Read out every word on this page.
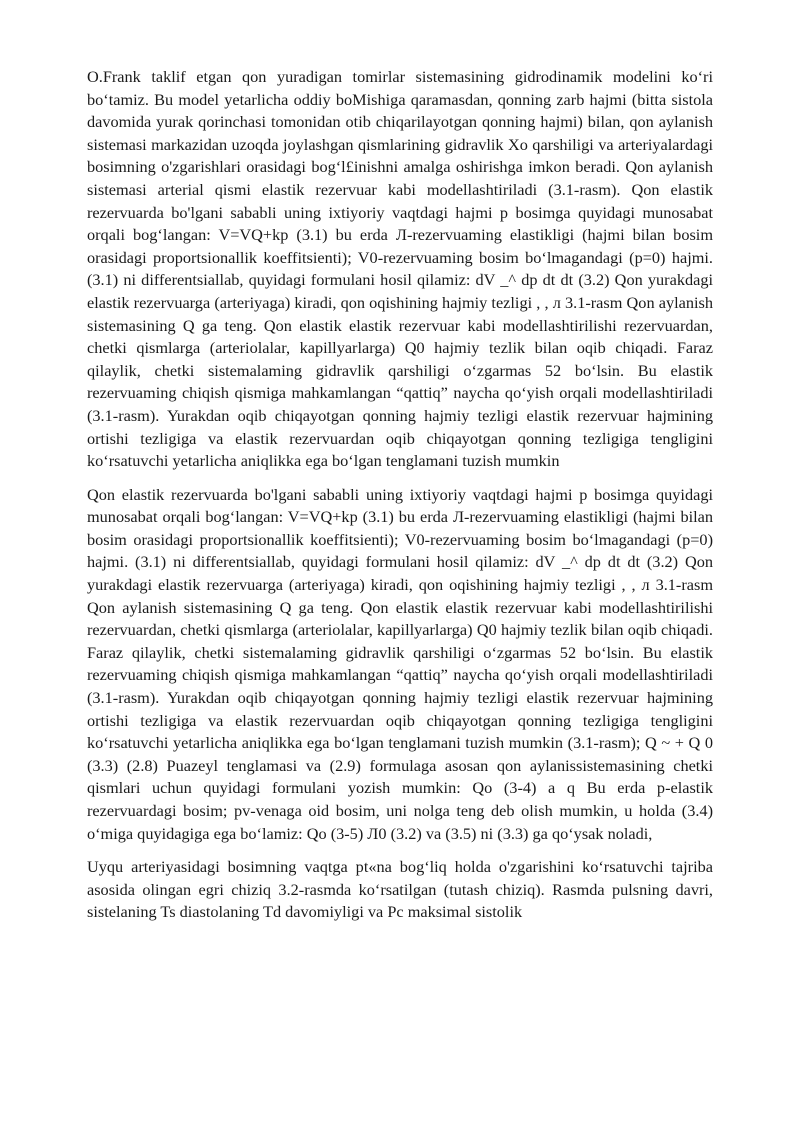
O.Frank taklif etgan qon yuradigan tomirlar sistemasining gidrodinamik modelini koʻri boʻtamiz. Bu model yetarlicha oddiy boMishiga qaramasdan, qonning zarb hajmi (bitta sistola davomida yurak qorinchasi tomonidan otib chiqarilayotgan qonning hajmi) bilan, qon aylanish sistemasi markazidan uzoqda joylashgan qismlarining gidravlik Xo qarshiligi va arteriyalardagi bosimning o'zgarishlari orasidagi bogʻl£inishni amalga oshirishga imkon beradi. Qon aylanish sistemasi arterial qismi elastik rezervuar kabi modellashtiriladi (3.1-rasm). Qon elastik rezervuarda bo'lgani sababli uning ixtiyoriy vaqtdagi hajmi p bosimga quyidagi munosabat orqali bogʻlangan: V=VQ+kp (3.1) bu erda Л-rezervuaming elastikligi (hajmi bilan bosim orasidagi proportsionallik koeffitsienti); V0-rezervuaming bosim boʻlmagandagi (p=0) hajmi. (3.1) ni differentsiallab, quyidagi formulani hosil qilamiz: dV _^ dp dt dt (3.2) Qon yurakdagi elastik rezervuarga (arteriyaga) kiradi, qon oqishining hajmiy tezligi , , л 3.1-rasm Qon aylanish sistemasining Q ga teng. Qon elastik elastik rezervuar kabi modellashtirilishi rezervuardan, chetki qismlarga (arteriolalar, kapillyarlarga) Q0 hajmiy tezlik bilan oqib chiqadi. Faraz qilaylik, chetki sistemalaming gidravlik qarshiligi oʻzgarmas 52 boʻlsin. Bu elastik rezervuaming chiqish qismiga mahkamlangan “qattiq” naycha qoʻyish orqali modellashtiriladi (3.1-rasm). Yurakdan oqib chiqayotgan qonning hajmiy tezligi elastik rezervuar hajmining ortishi tezligiga va elastik rezervuardan oqib chiqayotgan qonning tezligiga tengligini koʻrsatuvchi yetarlicha aniqlikka ega boʻlgan tenglamani tuzish mumkin

Qon elastik rezervuarda bo'lgani sababli uning ixtiyoriy vaqtdagi hajmi p bosimga quyidagi munosabat orqali bogʻlangan: V=VQ+kp (3.1) bu erda Л-rezervuaming elastikligi (hajmi bilan bosim orasidagi proportsionallik koeffitsienti); V0-rezervuaming bosim boʻlmagandagi (p=0) hajmi. (3.1) ni differentsiallab, quyidagi formulani hosil qilamiz: dV _^ dp dt dt (3.2) Qon yurakdagi elastik rezervuarga (arteriyaga) kiradi, qon oqishining hajmiy tezligi , , л 3.1-rasm Qon aylanish sistemasining Q ga teng. Qon elastik elastik rezervuar kabi modellashtirilishi rezervuardan, chetki qismlarga (arteriolalar, kapillyarlarga) Q0 hajmiy tezlik bilan oqib chiqadi. Faraz qilaylik, chetki sistemalaming gidravlik qarshiligi oʻzgarmas 52 boʻlsin. Bu elastik rezervuaming chiqish qismiga mahkamlangan “qattiq” naycha qoʻyish orqali modellashtiriladi (3.1-rasm). Yurakdan oqib chiqayotgan qonning hajmiy tezligi elastik rezervuar hajmining ortishi tezligiga va elastik rezervuardan oqib chiqayotgan qonning tezligiga tengligini koʻrsatuvchi yetarlicha aniqlikka ega boʻlgan tenglamani tuzish mumkin (3.1-rasm); Q ~ + Q 0 (3.3) (2.8) Puazeyl tenglamasi va (2.9) formulaga asosan qon aylanissistemasining chetki qismlari uchun quyidagi formulani yozish mumkin: Qo (3-4) a q Bu erda p-elastik rezervuardagi bosim; pv-venaga oid bosim, uni nolga teng deb olish mumkin, u holda (3.4) oʻmiga quyidagiga ega boʻlamiz: Qo (3-5) Л0 (3.2) va (3.5) ni (3.3) ga qoʻysak noladi,

Uyqu arteriyasidagi bosimning vaqtga pt«na bogʻliq holda o'zgarishini koʻrsatuvchi tajriba asosida olingan egri chiziq 3.2-rasmda koʻrsatilgan (tutash chiziq). Rasmda pulsning davri, sistelaning Ts diastolaning Td davomiyligi va Pc maksimal sistolik
